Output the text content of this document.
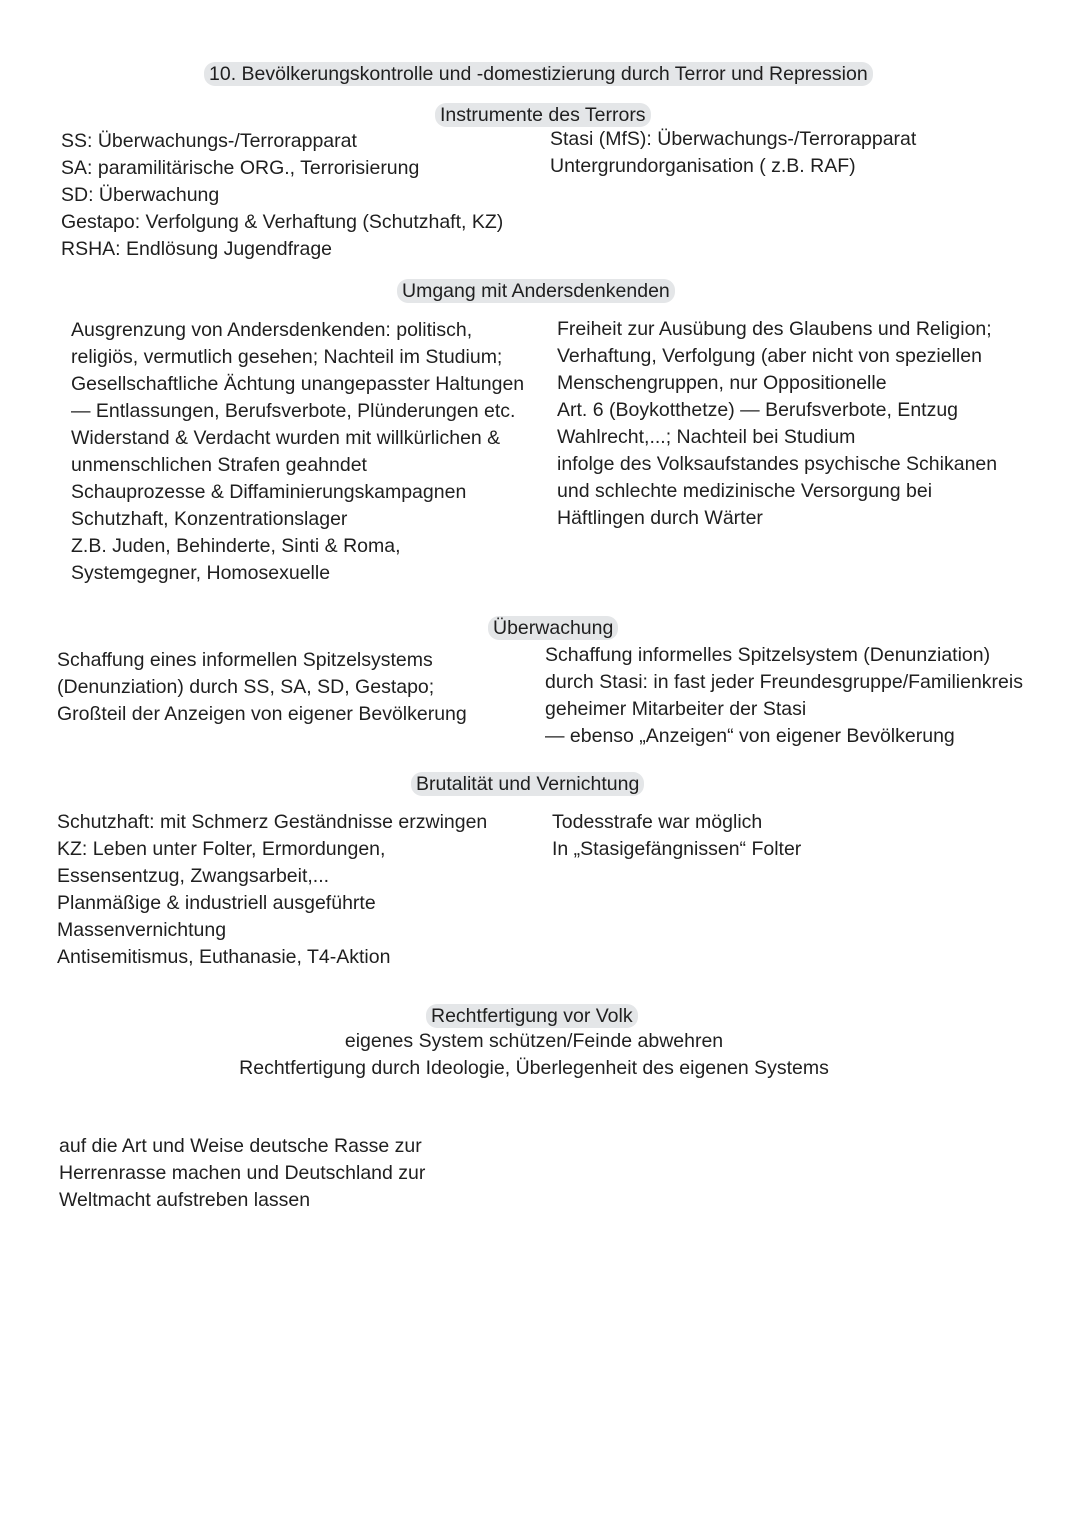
10. Bevölkerungskontrolle und -domestizierung durch Terror und Repression
Instrumente des Terrors
SS: Überwachungs-/Terrorapparat
SA: paramilitärische ORG., Terrorisierung
SD: Überwachung
Gestapo: Verfolgung & Verhaftung (Schutzhaft, KZ)
RSHA: Endlösung Jugendfrage
Stasi (MfS): Überwachungs-/Terrorapparat
Untergrundorganisation ( z.B. RAF)
Umgang mit Andersdenkenden
Ausgrenzung von Andersdenkenden: politisch,
religiös, vermutlich gesehen; Nachteil im Studium;
Gesellschaftliche Ächtung unangepasster Haltungen
— Entlassungen, Berufsverbote, Plünderungen etc.
Widerstand & Verdacht wurden mit willkürlichen &
unmenschlichen Strafen geahndet
Schauprozesse & Diffaminierungskampagnen
Schutzhaft, Konzentrationslager
Z.B. Juden, Behinderte, Sinti & Roma,
Systemgegner, Homosexuelle
Freiheit zur Ausübung des Glaubens und Religion;
Verhaftung, Verfolgung (aber nicht von speziellen
Menschengruppen, nur Oppositionelle
Art. 6 (Boykotthetze) — Berufsverbote, Entzug
Wahlrecht,...; Nachteil bei Studium
infolge des Volksaufstandes psychische Schikanen
und schlechte medizinische Versorgung bei
Häftlingen durch Wärter
Überwachung
Schaffung eines informellen Spitzelsystems
(Denunziation) durch SS, SA, SD, Gestapo;
Großteil der Anzeigen von eigener Bevölkerung
Schaffung informelles Spitzelsystem (Denunziation)
durch Stasi: in fast jeder Freundesgruppe/Familienkreis
geheimer Mitarbeiter der Stasi
— ebenso „Anzeigen“ von eigener Bevölkerung
Brutalität und Vernichtung
Schutzhaft: mit Schmerz Geständnisse erzwingen
KZ: Leben unter Folter, Ermordungen,
Essensentzug, Zwangsarbeit,...
Planmäßige & industriell ausgeführte
Massenvernichtung
Antisemitismus, Euthanasie, T4-Aktion
Todesstrafe war möglich
In „Stasigefängnissen“ Folter
Rechtfertigung vor Volk
eigenes System schützen/Feinde abwehren
Rechtfertigung durch Ideologie, Überlegenheit des eigenen Systems
auf die Art und Weise deutsche Rasse zur
Herrenrasse machen und Deutschland zur
Weltmacht aufstreben lassen
